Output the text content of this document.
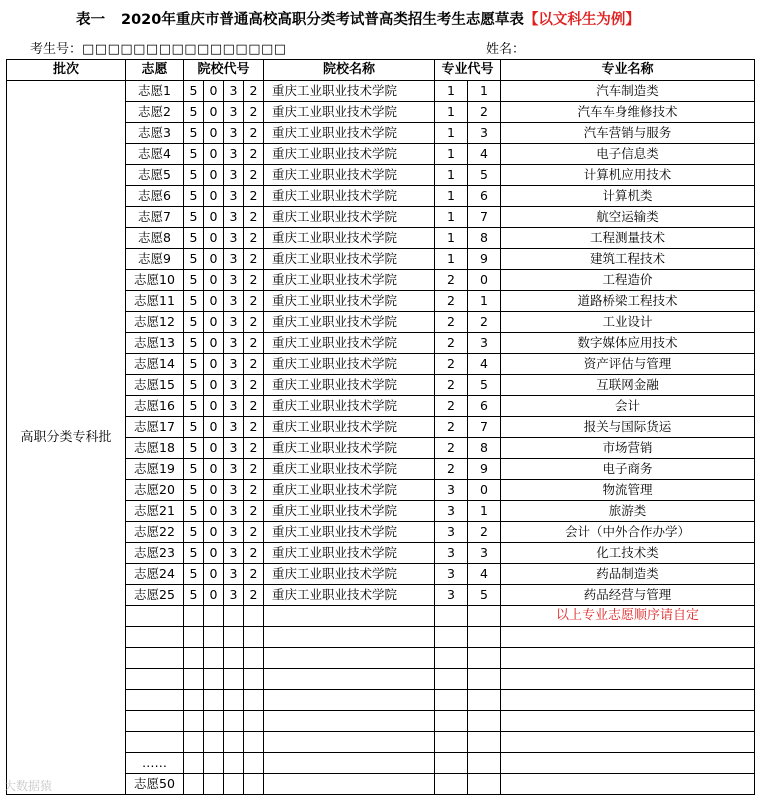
表一 2020年重庆市普通高校高职分类考试普高类招生考生志愿草表【以文科生为例】
考生号：□□□□□□□□□□□□□□□□	姓名：
批次	志愿	院校代号				院校名称	专业代号		专业名称
高职分类专科批	志愿1	5	0	3	2	重庆工业职业技术学院	1	1	汽车制造类
	志愿2	5	0	3	2	重庆工业职业技术学院	1	2	汽车车身维修技术
	志愿3	5	0	3	2	重庆工业职业技术学院	1	3	汽车营销与服务
	志愿4	5	0	3	2	重庆工业职业技术学院	1	4	电子信息类
	志愿5	5	0	3	2	重庆工业职业技术学院	1	5	计算机应用技术
	志愿6	5	0	3	2	重庆工业职业技术学院	1	6	计算机类
	志愿7	5	0	3	2	重庆工业职业技术学院	1	7	航空运输类
	志愿8	5	0	3	2	重庆工业职业技术学院	1	8	工程测量技术
	志愿9	5	0	3	2	重庆工业职业技术学院	1	9	建筑工程技术
	志愿10	5	0	3	2	重庆工业职业技术学院	2	0	工程造价
	志愿11	5	0	3	2	重庆工业职业技术学院	2	1	道路桥梁工程技术
	志愿12	5	0	3	2	重庆工业职业技术学院	2	2	工业设计
	志愿13	5	0	3	2	重庆工业职业技术学院	2	3	数字媒体应用技术
	志愿14	5	0	3	2	重庆工业职业技术学院	2	4	资产评估与管理
	志愿15	5	0	3	2	重庆工业职业技术学院	2	5	互联网金融
	志愿16	5	0	3	2	重庆工业职业技术学院	2	6	会计
	志愿17	5	0	3	2	重庆工业职业技术学院	2	7	报关与国际货运
	志愿18	5	0	3	2	重庆工业职业技术学院	2	8	市场营销
	志愿19	5	0	3	2	重庆工业职业技术学院	2	9	电子商务
	志愿20	5	0	3	2	重庆工业职业技术学院	3	0	物流管理
	志愿21	5	0	3	2	重庆工业职业技术学院	3	1	旅游类
	志愿22	5	0	3	2	重庆工业职业技术学院	3	2	会计（中外合作办学）
	志愿23	5	0	3	2	重庆工业职业技术学院	3	3	化工技术类
	志愿24	5	0	3	2	重庆工业职业技术学院	3	4	药品制造类
	志愿25	5	0	3	2	重庆工业职业技术学院	3	5	药品经营与管理
									以上专业志愿顺序请自定

	……								
	志愿50								
大数据猿
